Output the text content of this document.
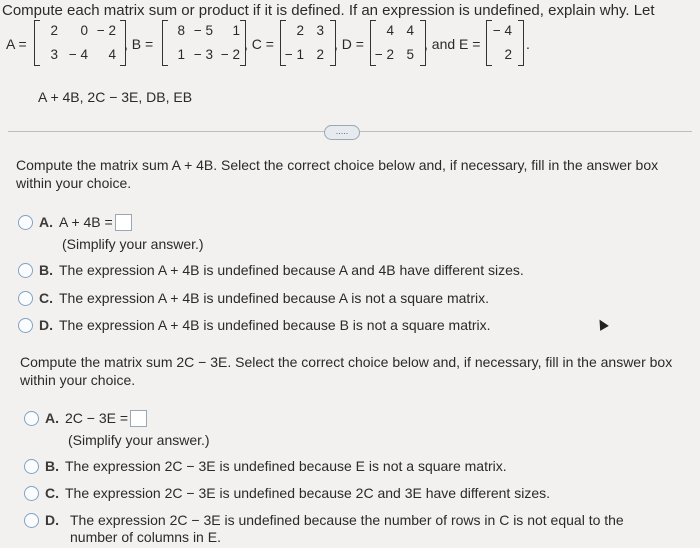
Compute each matrix sum or product if it is defined. If an expression is undefined, explain why. Let
A =
2	0 − 2
3 − 4	4
, B =
8 − 5	1
1 − 3 − 2
, C =
2 3
− 1 2
, D =
4 4
− 2 5
, and E =
− 4
2
.
A + 4B, 2C − 3E, DB, EB
.....
Compute the matrix sum A + 4B. Select the correct choice below and, if necessary, fill in the answer box within your choice.
A. A + 4B =
(Simplify your answer.)
B. The expression A + 4B is undefined because A and 4B have different sizes.
C. The expression A + 4B is undefined because A is not a square matrix.
D. The expression A + 4B is undefined because B is not a square matrix.
Compute the matrix sum 2C − 3E. Select the correct choice below and, if necessary, fill in the answer box within your choice.
A. 2C − 3E =
(Simplify your answer.)
B. The expression 2C − 3E is undefined because E is not a square matrix.
C. The expression 2C − 3E is undefined because 2C and 3E have different sizes.
D. The expression 2C − 3E is undefined because the number of rows in C is not equal to the number of columns in E.
